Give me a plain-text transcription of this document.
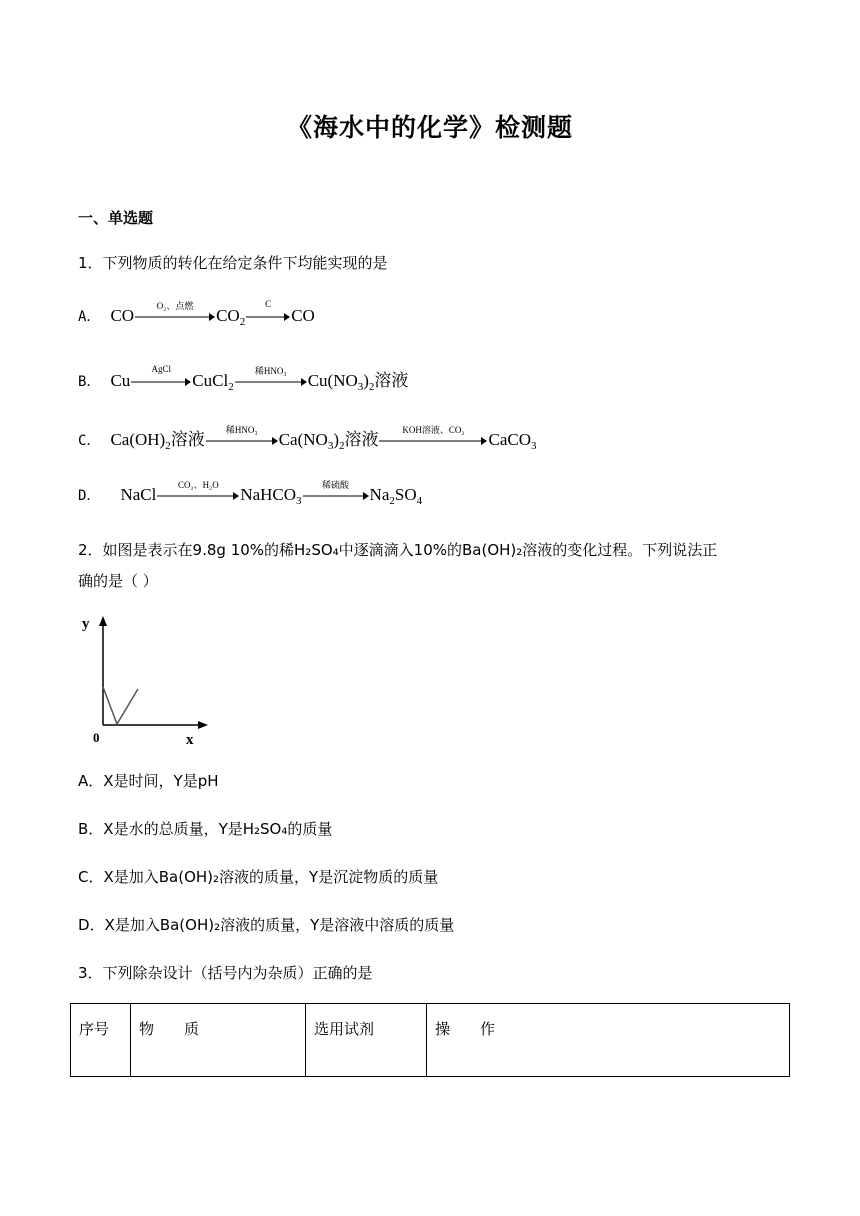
《海水中的化学》检测题
一、单选题
1．下列物质的转化在给定条件下均能实现的是
A． CO	O₂、点燃	$CO_2$
C
CO
B． Cu
AgCl
CuCl$_2$
稀HNO₃	$Cu(NO_3)_2$溶液
C． $Ca(OH)_2$溶液	稀HNO₃	$Ca(NO_3)_2$溶液	KOH溶液、CO₂	CaCO$_3$
D． NaCl	CO₂、H₂O	NaHCO$_3$
稀硫酸	$Na_2SO_4$
2．如图是表示在9.8g 10%的稀H₂SO₄中逐滴滴入10%的Ba(OH)₂溶液的变化过程。下列说法正
确的是（ ）
y
0	x
A．X是时间，Y是pH
B．X是水的总质量，Y是H₂SO₄的质量
C．X是加入Ba(OH)₂溶液的质量，Y是沉淀物质的质量
D．X是加入Ba(OH)₂溶液的质量，Y是溶液中溶质的质量
3．下列除杂设计（括号内为杂质）正确的是
序号	物　　质	选用试剂	操　　作
